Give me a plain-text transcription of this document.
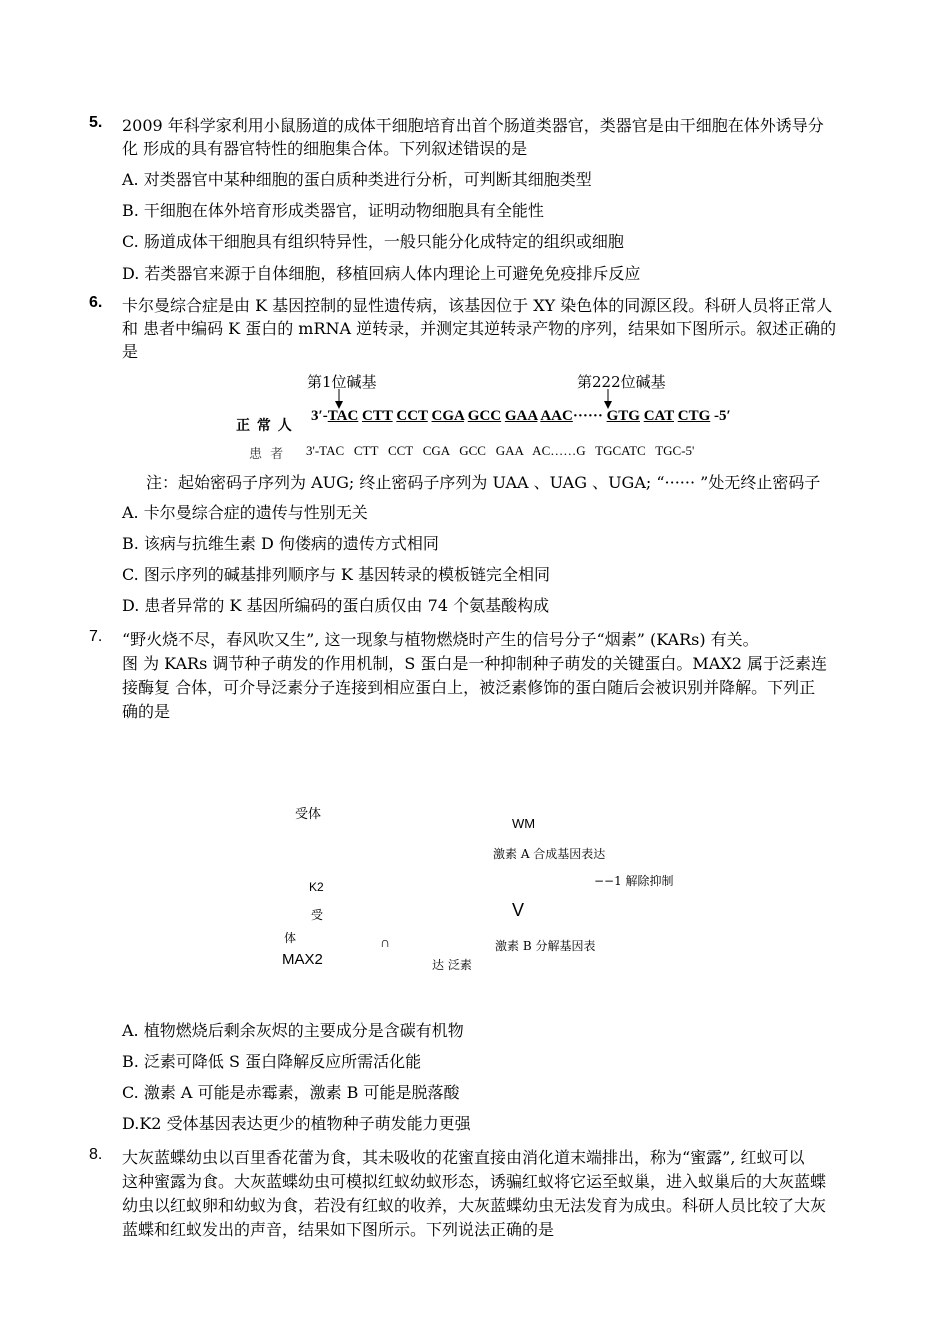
5. 2009 年科学家利用小鼠肠道的成体干细胞培育出首个肠道类器官，类器官是由干细胞在体外诱导分
化 形成的具有器官特性的细胞集合体。下列叙述错误的是
A. 对类器官中某种细胞的蛋白质种类进行分析，可判断其细胞类型
B. 干细胞在体外培育形成类器官，证明动物细胞具有全能性
C. 肠道成体干细胞具有组织特异性，一般只能分化成特定的组织或细胞
D. 若类器官来源于自体细胞，移植回病人体内理论上可避免免疫排斥反应
6. 卡尔曼综合症是由 K 基因控制的显性遗传病，该基因位于 XY 染色体的同源区段。科研人员将正常人
和 患者中编码 K 蛋白的 mRNA 逆转录，并测定其逆转录产物的序列，结果如下图所示。叙述正确的
是
第1位碱基	第222位碱基
正 常 人
3′-TAC CTT CCT CGA GCC GAA AAC······ GTG CAT CTG -5′
患 者 3'-TAC   CTT   CCT   CGA   GCC   GAA   AC……G   TGCATC   TGC-5'
注：起始密码子序列为 AUG; 终止密码子序列为 UAA 、UAG 、UGA; “······ ”处无终止密码子
A. 卡尔曼综合症的遗传与性别无关
B. 该病与抗维生素 D 佝偻病的遗传方式相同
C. 图示序列的碱基排列顺序与 K 基因转录的模板链完全相同
D. 患者异常的 K 基因所编码的蛋白质仅由 74 个氨基酸构成
7. “野火烧不尽，春风吹又生”, 这一现象与植物燃烧时产生的信号分子“烟素” (KARs) 有关。
图 为 KARs 调节种子萌发的作用机制，S 蛋白是一种抑制种子萌发的关键蛋白。MAX2 属于泛素连
接酶复 合体，可介导泛素分子连接到相应蛋白上，被泛素修饰的蛋白随后会被识别并降解。下列正
确的是
受体
WM
激素 A 合成基因表达
−−1 解除抑制
K2
受	V
体	∩	激素 B 分解基因表
MAX2	达 泛素
A. 植物燃烧后剩余灰烬的主要成分是含碳有机物
B. 泛素可降低 S 蛋白降解反应所需活化能
C. 激素 A 可能是赤霉素，激素 B 可能是脱落酸
D.K2 受体基因表达更少的植物种子萌发能力更强
8. 大灰蓝蝶幼虫以百里香花蕾为食，其未吸收的花蜜直接由消化道末端排出，称为“蜜露”, 红蚁可以
这种蜜露为食。大灰蓝蝶幼虫可模拟红蚁幼蚁形态，诱骗红蚁将它运至蚁巢，进入蚁巢后的大灰蓝蝶
幼虫以红蚁卵和幼蚁为食，若没有红蚁的收养，大灰蓝蝶幼虫无法发育为成虫。科研人员比较了大灰
蓝蝶和红蚁发出的声音，结果如下图所示。下列说法正确的是
